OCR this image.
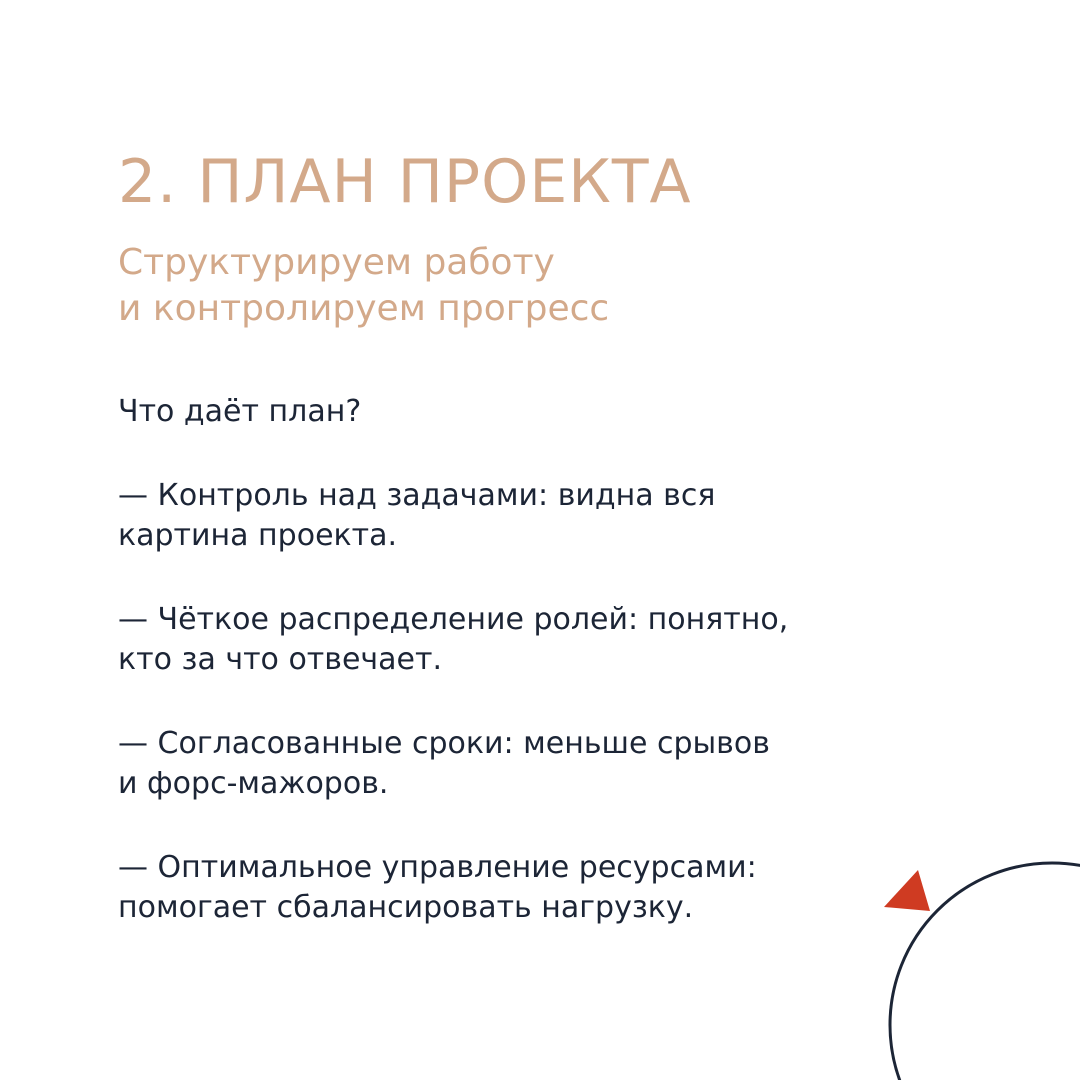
2. ПЛАН ПРОЕКТА

Структурируем работу
и контролируем прогресс

Что даёт план?

— Контроль над задачами: видна вся
картина проекта.

— Чёткое распределение ролей: понятно,
кто за что отвечает.

— Согласованные сроки: меньше срывов
и форс-мажоров.

— Оптимальное управление ресурсами:
помогает сбалансировать нагрузку.
